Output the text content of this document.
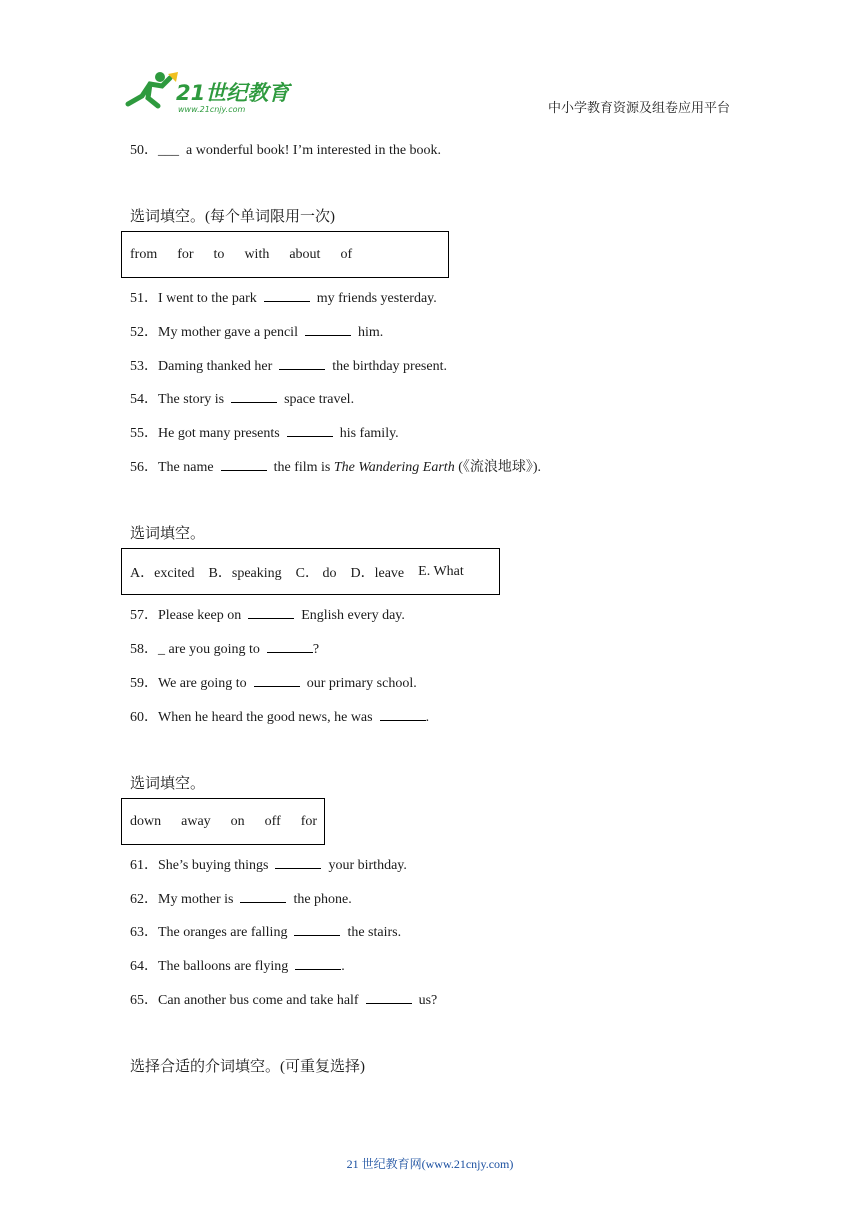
21世纪教育
www.21cnjy.com	中小学教育资源及组卷应用平台
50．___ a wonderful book! I’m interested in the book.
选词填空。(每个单词限用一次)
from for to with about of
51．I went to the park	my friends yesterday.
52．My mother gave a pencil	him.
53．Daming thanked her	the birthday present.
54．The story is	space travel.
55．He got many presents	his family.
56．The name	the film is The Wandering Earth (《流浪地球》).
选词填空。
A．excited B．speaking C． do D．leave E. What
57．Please keep on	English every day.
58．_ are you going to	?
59．We are going to	our primary school.
60．When he heard the good news, he was	.
选词填空。
down away on off for
61．She’s buying things	your birthday.
62．My mother is	the phone.
63．The oranges are falling	the stairs.
64．The balloons are flying	.
65．Can another bus come and take half	us?
选择合适的介词填空。(可重复选择)
21 世纪教育网(www.21cnjy.com)
